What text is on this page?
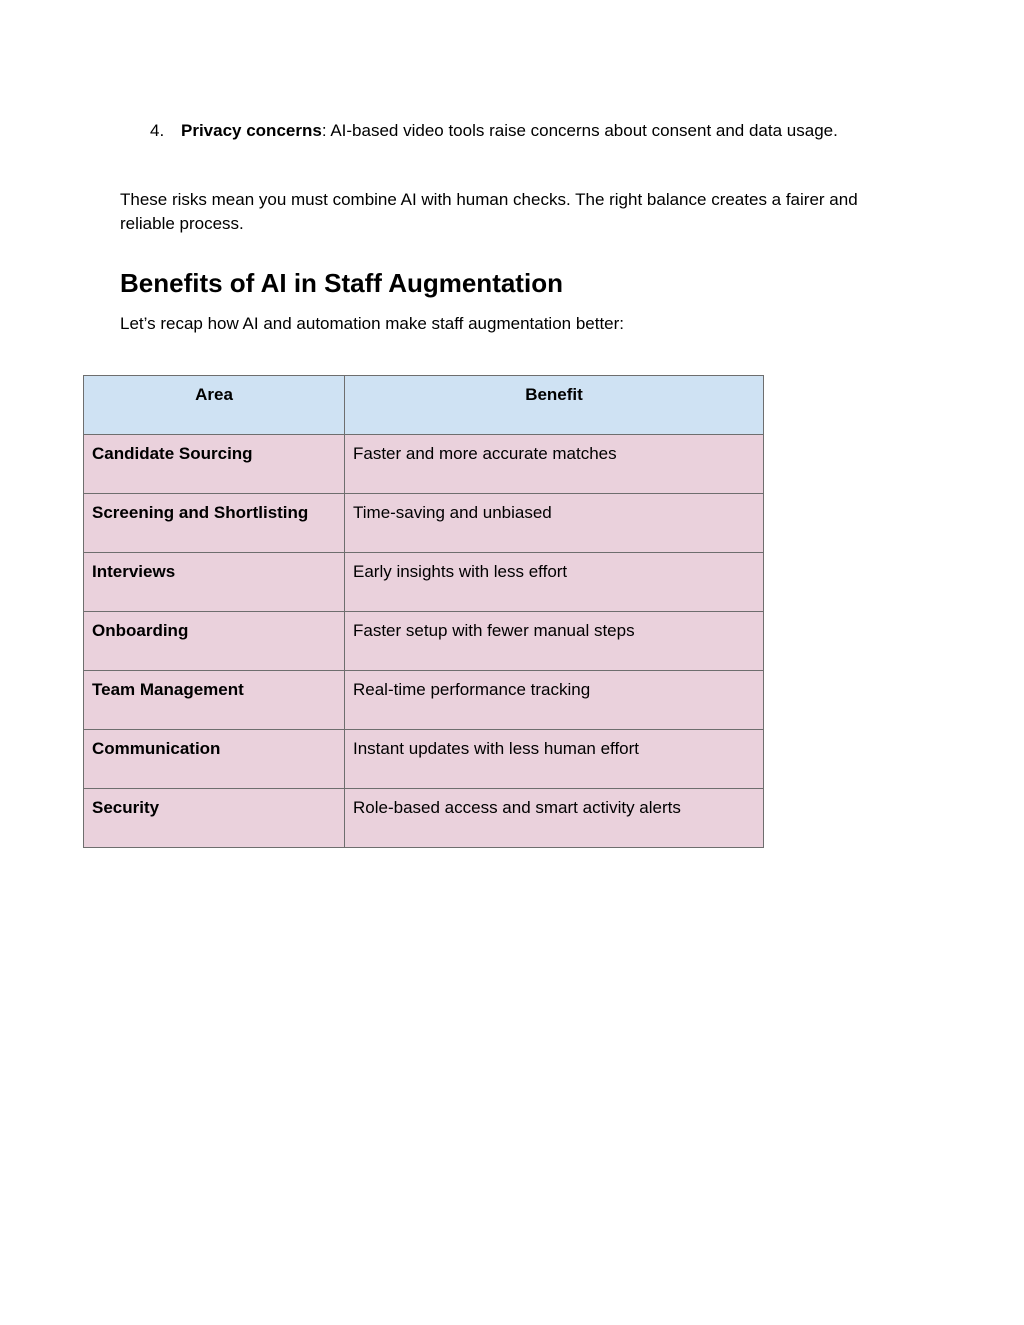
4. Privacy concerns: AI-based video tools raise concerns about consent and data usage.

These risks mean you must combine AI with human checks. The right balance creates a fairer and reliable process.

Benefits of AI in Staff Augmentation

Let’s recap how AI and automation make staff augmentation better:

Area	Benefit
Candidate Sourcing	Faster and more accurate matches
Screening and Shortlisting	Time-saving and unbiased
Interviews	Early insights with less effort
Onboarding	Faster setup with fewer manual steps
Team Management	Real-time performance tracking
Communication	Instant updates with less human effort
Security	Role-based access and smart activity alerts
